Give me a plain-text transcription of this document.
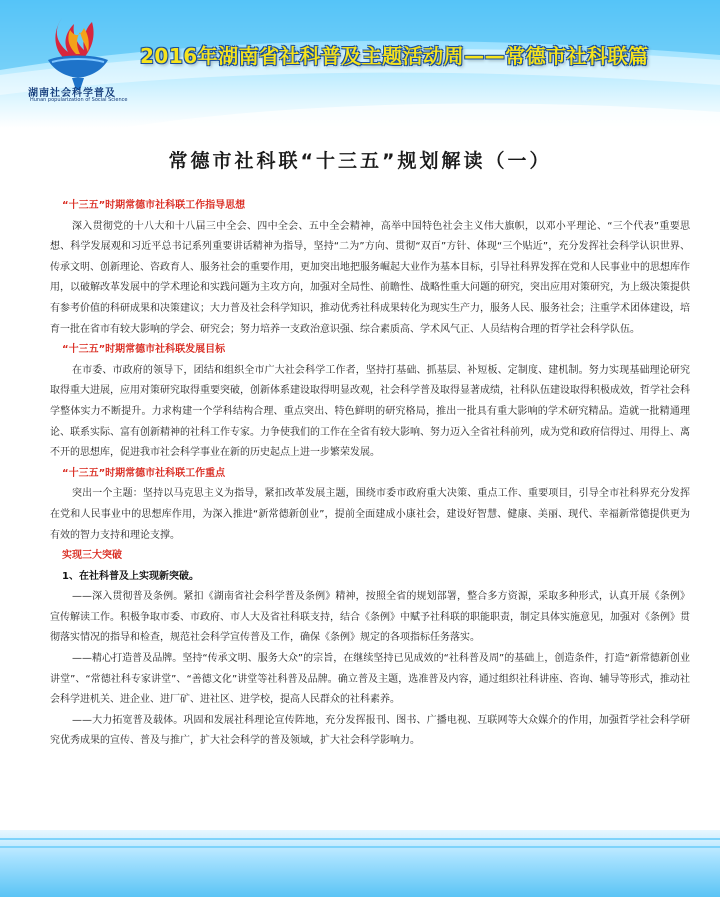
湖南社会科学普及
Hunan popularization of Social Science
2016年湖南省社科普及主题活动周——常德市社科联篇
常德市社科联“十三五”规划解读（一）
“十三五”时期常德市社科联工作指导思想

深入贯彻党的十八大和十八届三中全会、四中全会、五中全会精神，高举中国特色社会主义伟大旗帜，以邓小平理论、“三个代表”重要思想、科学发展观和习近平总书记系列重要讲话精神为指导，坚持“二为”方向、贯彻“双百”方针、体现“三个贴近”，充分发挥社会科学认识世界、传承文明、创新理论、咨政育人、服务社会的重要作用，更加突出地把服务崛起大业作为基本目标，引导社科界发挥在党和人民事业中的思想库作用，以破解改革发展中的学术理论和实践问题为主攻方向，加强对全局性、前瞻性、战略性重大问题的研究，突出应用对策研究，为上级决策提供有参考价值的科研成果和决策建议；大力普及社会科学知识，推动优秀社科成果转化为现实生产力，服务人民、服务社会；注重学术团体建设，培育一批在省市有较大影响的学会、研究会；努力培养一支政治意识强、综合素质高、学术风气正、人员结构合理的哲学社会科学队伍。

“十三五”时期常德市社科联发展目标

在市委、市政府的领导下，团结和组织全市广大社会科学工作者，坚持打基础、抓基层、补短板、定制度、建机制。努力实现基础理论研究取得重大进展，应用对策研究取得重要突破，创新体系建设取得明显改观，社会科学普及取得显著成绩，社科队伍建设取得积极成效，哲学社会科学整体实力不断提升。力求构建一个学科结构合理、重点突出、特色鲜明的研究格局，推出一批具有重大影响的学术研究精品。造就一批精通理论、联系实际、富有创新精神的社科工作专家。力争使我们的工作在全省有较大影响、努力迈入全省社科前列，成为党和政府信得过、用得上、离不开的思想库，促进我市社会科学事业在新的历史起点上进一步繁荣发展。

“十三五”时期常德市社科联工作重点

突出一个主题：坚持以马克思主义为指导，紧扣改革发展主题，围绕市委市政府重大决策、重点工作、重要项目，引导全市社科界充分发挥在党和人民事业中的思想库作用，为深入推进“新常德新创业”，提前全面建成小康社会，建设好智慧、健康、美丽、现代、幸福新常德提供更为有效的智力支持和理论支撑。

实现三大突破
1、在社科普及上实现新突破。

——深入贯彻普及条例。紧扣《湖南省社会科学普及条例》精神，按照全省的规划部署，整合多方资源，采取多种形式，认真开展《条例》宣传解读工作。积极争取市委、市政府、市人大及省社科联支持，结合《条例》中赋予社科联的职能职责，制定具体实施意见，加强对《条例》贯彻落实情况的指导和检查，规范社会科学宣传普及工作，确保《条例》规定的各项指标任务落实。

——精心打造普及品牌。坚持“传承文明、服务大众”的宗旨，在继续坚持已见成效的“社科普及周”的基础上，创造条件，打造“新常德新创业讲堂”、“常德社科专家讲堂”、“善德文化”讲堂等社科普及品牌。确立普及主题，选准普及内容，通过组织社科讲座、咨询、辅导等形式，推动社会科学进机关、进企业、进厂矿、进社区、进学校，提高人民群众的社科素养。

——大力拓宽普及载体。巩固和发展社科理论宣传阵地，充分发挥报刊、图书、广播电视、互联网等大众媒介的作用，加强哲学社会科学研究优秀成果的宣传、普及与推广，扩大社会科学的普及领域，扩大社会科学影响力。
